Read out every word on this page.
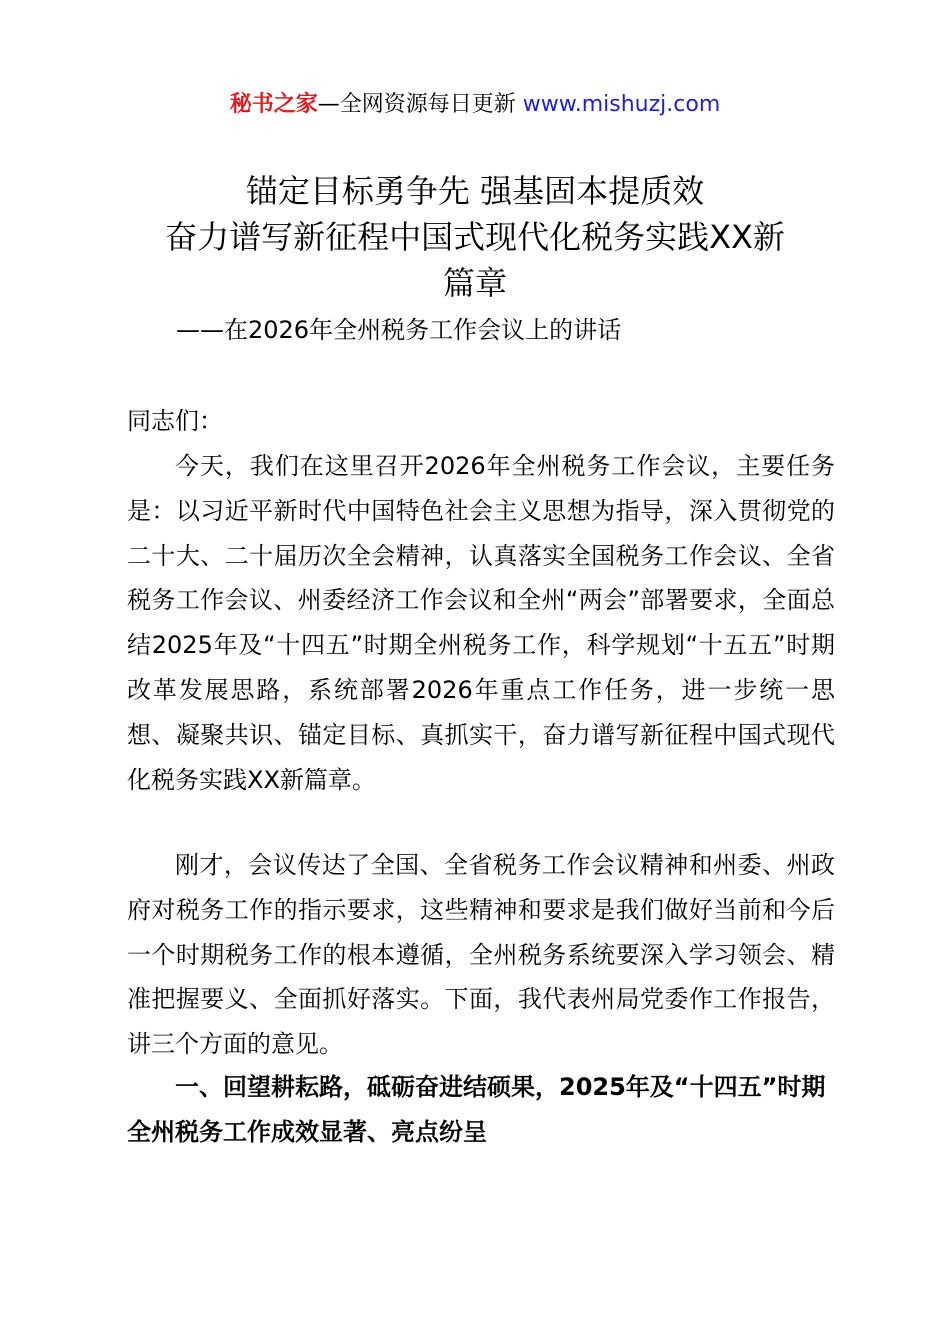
秘书之家—全网资源每日更新 www.mishuzj.com
锚定目标勇争先 强基固本提质效
奋力谱写新征程中国式现代化税务实践XX新
篇章
——在2026年全州税务工作会议上的讲话
同志们：
今天，我们在这里召开2026年全州税务工作会议，主要任务是：以习近平新时代中国特色社会主义思想为指导，深入贯彻党的二十大、二十届历次全会精神，认真落实全国税务工作会议、全省税务工作会议、州委经济工作会议和全州“两会”部署要求，全面总结2025年及“十四五”时期全州税务工作，科学规划“十五五”时期改革发展思路，系统部署2026年重点工作任务，进一步统一思想、凝聚共识、锚定目标、真抓实干，奋力谱写新征程中国式现代化税务实践XX新篇章。
刚才，会议传达了全国、全省税务工作会议精神和州委、州政府对税务工作的指示要求，这些精神和要求是我们做好当前和今后一个时期税务工作的根本遵循，全州税务系统要深入学习领会、精准把握要义、全面抓好落实。下面，我代表州局党委作工作报告，讲三个方面的意见。
一、回望耕耘路，砥砺奋进结硕果，2025年及“十四五”时期全州税务工作成效显著、亮点纷呈
